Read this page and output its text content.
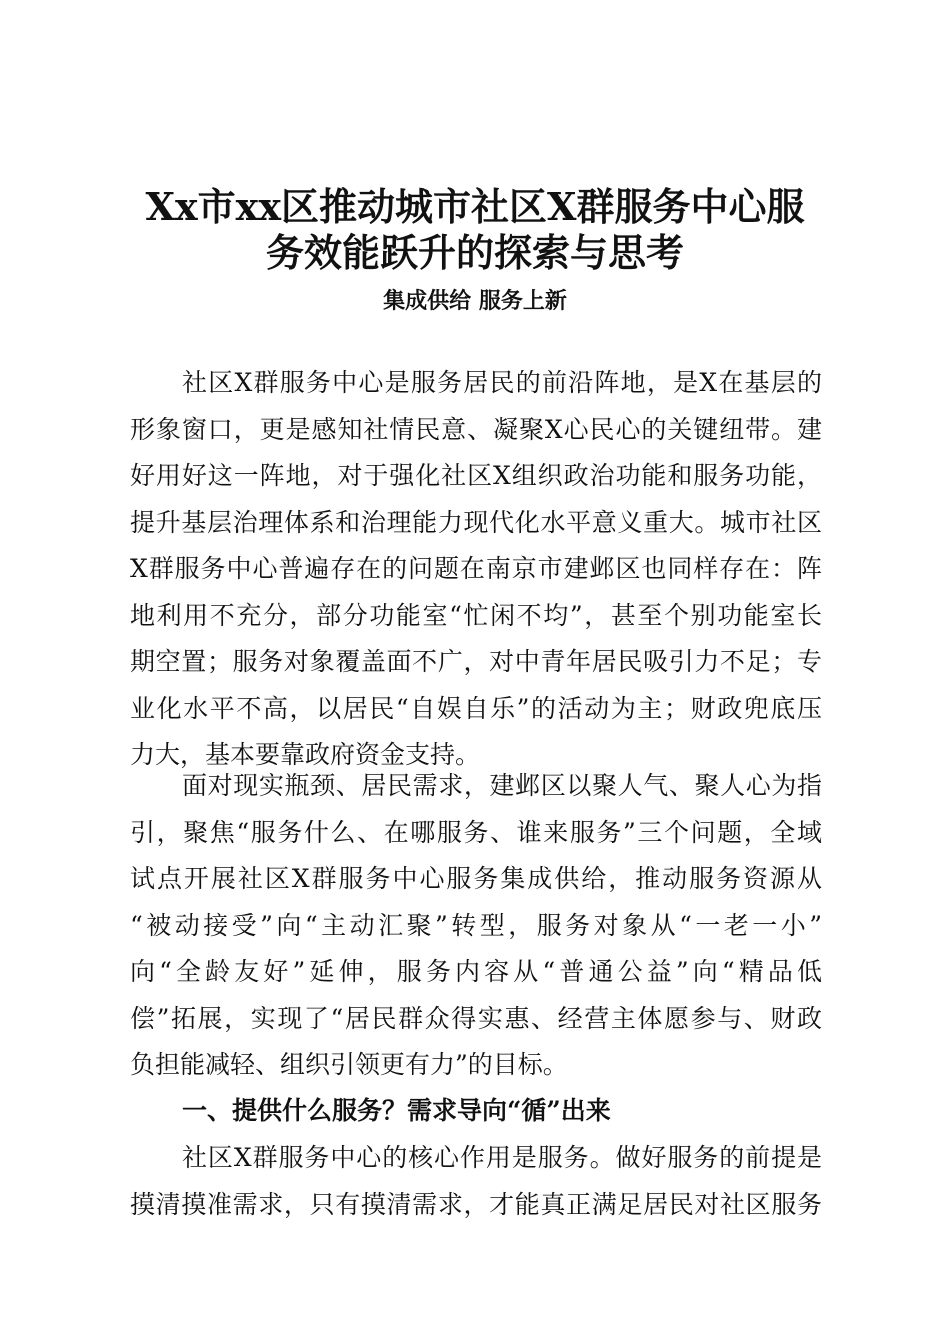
Xx市xx区推动城市社区X群服务中心服
务效能跃升的探索与思考
集成供给 服务上新
社区X群服务中心是服务居民的前沿阵地，是X在基层的
形象窗口，更是感知社情民意、凝聚X心民心的关键纽带。建
好用好这一阵地，对于强化社区X组织政治功能和服务功能，
提升基层治理体系和治理能力现代化水平意义重大。城市社区
X群服务中心普遍存在的问题在南京市建邺区也同样存在：阵
地利用不充分，部分功能室“忙闲不均”，甚至个别功能室长
期空置；服务对象覆盖面不广，对中青年居民吸引力不足；专
业化水平不高，以居民“自娱自乐”的活动为主；财政兜底压
力大，基本要靠政府资金支持。
面对现实瓶颈、居民需求，建邺区以聚人气、聚人心为指
引，聚焦“服务什么、在哪服务、谁来服务”三个问题，全域
试点开展社区X群服务中心服务集成供给，推动服务资源从
“被动接受”向“主动汇聚”转型，服务对象从“一老一小”
向“全龄友好”延伸，服务内容从“普通公益”向“精品低
偿”拓展，实现了“居民群众得实惠、经营主体愿参与、财政
负担能减轻、组织引领更有力”的目标。
一、提供什么服务？需求导向“循”出来
社区X群服务中心的核心作用是服务。做好服务的前提是
摸清摸准需求，只有摸清需求，才能真正满足居民对社区服务
